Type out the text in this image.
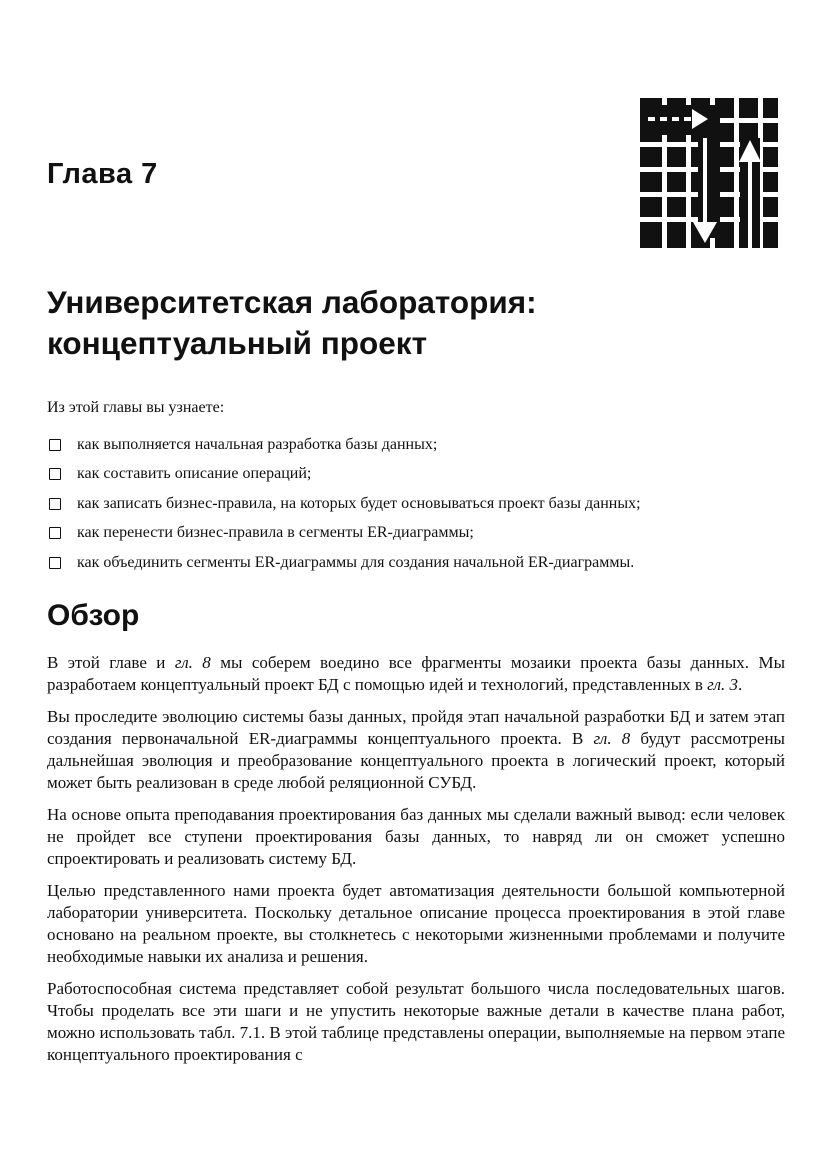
Глава 7
Университетская лаборатория:
концептуальный проект

Из этой главы вы узнаете:

как выполняется начальная разработка базы данных;
как составить описание операций;
как записать бизнес-правила, на которых будет основываться проект базы данных;
как перенести бизнес-правила в сегменты ER-диаграммы;
как объединить сегменты ER-диаграммы для создания начальной ER-диаграммы.
Обзор

В этой главе и гл. 8 мы соберем воедино все фрагменты мозаики проекта базы данных. Мы разработаем концептуальный проект БД с помощью идей и технологий, представленных в гл. 3.

Вы проследите эволюцию системы базы данных, пройдя этап начальной разработки БД и затем этап создания первоначальной ER-диаграммы концептуального проекта. В гл. 8 будут рассмотрены дальнейшая эволюция и преобразование концептуального проекта в логический проект, который может быть реализован в среде любой реляционной СУБД.

На основе опыта преподавания проектирования баз данных мы сделали важный вывод: если человек не пройдет все ступени проектирования базы данных, то навряд ли он сможет успешно спроектировать и реализовать систему БД.

Целью представленного нами проекта будет автоматизация деятельности большой компьютерной лаборатории университета. Поскольку детальное описание процесса проектирования в этой главе основано на реальном проекте, вы столкнетесь с некоторыми жизненными проблемами и получите необходимые навыки их анализа и решения.

Работоспособная система представляет собой результат большого числа последовательных шагов. Чтобы проделать все эти шаги и не упустить некоторые важные детали в качестве плана работ, можно использовать табл. 7.1. В этой таблице представлены операции, выполняемые на первом этапе концептуального проектирования с
